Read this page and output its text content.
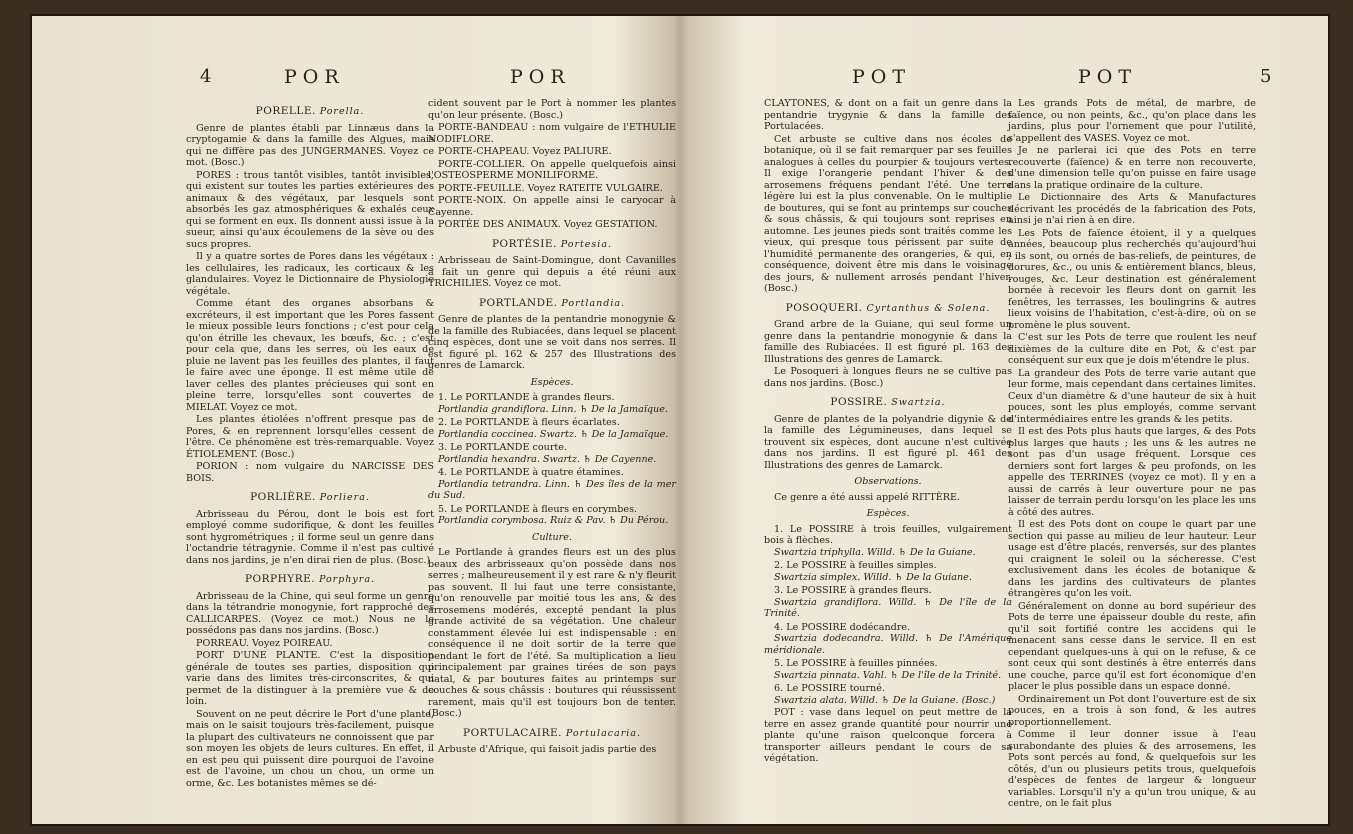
4	POR	POR
PORELLE. Porella.

Genre de plantes établi par Linnæus dans la cryptogamie & dans la famille des Algues, mais qui ne diffère pas des JUNGERMANES. Voyez ce mot. (Bosc.)

PORES : trous tantôt visibles, tantôt invisibles, qui existent sur toutes les parties extérieures des animaux & des végétaux, par lesquels sont absorbés les gaz atmosphériques & exhalés ceux qui se forment en eux. Ils donnent aussi issue à la sueur, ainsi qu'aux écoulemens de la sève ou des sucs propres.

Il y a quatre sortes de Pores dans les végétaux : les cellulaires, les radicaux, les corticaux & les glandulaires. Voyez le Dictionnaire de Physiologie végétale.

Comme étant des organes absorbans & excréteurs, il est important que les Pores fassent le mieux possible leurs fonctions ; c'est pour cela qu'on étrille les chevaux, les bœufs, &c. ; c'est pour cela que, dans les serres, où les eaux de pluie ne lavent pas les feuilles des plantes, il faut le faire avec une éponge. Il est même utile de laver celles des plantes précieuses qui sont en pleine terre, lorsqu'elles sont couvertes de MIELAT. Voyez ce mot.

Les plantes étiolées n'offrent presque pas de Pores, & en reprennent lorsqu'elles cessent de l'être. Ce phénomène est très-remarquable. Voyez ÉTIOLEMENT. (Bosc.)

PORION : nom vulgaire du NARCISSE DES BOIS.

PORLIÈRE. Porliera.

Arbrisseau du Pérou, dont le bois est fort employé comme sudorifique, & dont les feuilles sont hygrométriques ; il forme seul un genre dans l'octandrie tétragynie. Comme il n'est pas cultivé dans nos jardins, je n'en dirai rien de plus. (Bosc.)

PORPHYRE. Porphyra.

Arbrisseau de la Chine, qui seul forme un genre dans la tétrandrie monogynie, fort rapproché des CALLICARPES. (Voyez ce mot.) Nous ne le possédons pas dans nos jardins. (Bosc.)

PORREAU. Voyez POIREAU.

PORT D'UNE PLANTE. C'est la disposition générale de toutes ses parties, disposition qui varie dans des limites très-circonscrites, & qui permet de la distinguer à la première vue & de loin.

Souvent on ne peut décrire le Port d'une plante, mais on le saisit toujours très-facilement, puisque la plupart des cultivateurs ne connoissent que par son moyen les objets de leurs cultures. En effet, il en est peu qui puissent dire pourquoi de l'avoine est de l'avoine, un chou un chou, un orme un orme, &c. Les botanistes mêmes se dé-

cident souvent par le Port à nommer les plantes qu'on leur présente. (Bosc.)

PORTE-BANDEAU : nom vulgaire de l'ETHULIE NODIFLORE.

PORTE-CHAPEAU. Voyez PALIURE.

PORTE-COLLIER. On appelle quelquefois ainsi l'OSTEOSPERME MONILIFORME.

PORTE-FEUILLE. Voyez RATEITE VULGAIRE.

PORTE-NOIX. On appelle ainsi le caryocar à Cayenne.

PORTÉE DES ANIMAUX. Voyez GESTATION.

PORTÉSIE. Portesia.

Arbrisseau de Saint-Domingue, dont Cavanilles a fait un genre qui depuis a été réuni aux TRICHILIES. Voyez ce mot.

PORTLANDE. Portlandia.

Genre de plantes de la pentandrie monogynie & de la famille des Rubiacées, dans lequel se placent cinq espèces, dont une se voit dans nos serres. Il est figuré pl. 162 & 257 des Illustrations des genres de Lamarck.

Espèces.

1. Le PORTLANDE à grandes fleurs.

Portlandia grandiflora. Linn. ♄ De la Jamaïque.

2. Le PORTLANDE à fleurs écarlates.

Portlandia coccinea. Swartz. ♄ De la Jamaïque.

3. Le PORTLANDE courte.

Portlandia hexandra. Swartz. ♄ De Cayenne.

4. Le PORTLANDE à quatre étamines.

Portlandia tetrandra. Linn. ♄ Des îles de la mer du Sud.

5. Le PORTLANDE à fleurs en corymbes.

Portlandia corymbosa. Ruiz & Pav. ♄ Du Pérou.

Culture.

Le Portlande à grandes fleurs est un des plus beaux des arbrisseaux qu'on possède dans nos serres ; malheureusement il y est rare & n'y fleurit pas souvent. Il lui faut une terre consistante, qu'on renouvelle par moitié tous les ans, & des arrosemens modérés, excepté pendant la plus grande activité de sa végétation. Une chaleur constamment élevée lui est indispensable : en conséquence il ne doit sortir de la terre que pendant le fort de l'été. Sa multiplication a lieu principalement par graines tirées de son pays natal, & par boutures faites au printemps sur couches & sous châssis : boutures qui réussissent rarement, mais qu'il est toujours bon de tenter. (Bosc.)

PORTULACAIRE. Portulacaria.

Arbuste d'Afrique, qui faisoit jadis partie des

POT	POT	5

CLAYTONES, & dont on a fait un genre dans la pentandrie trygynie & dans la famille des Portulacées.

Cet arbuste se cultive dans nos écoles de botanique, où il se fait remarquer par ses feuilles analogues à celles du pourpier & toujours vertes. Il exige l'orangerie pendant l'hiver & des arrosemens fréquens pendant l'été. Une terre légère lui est la plus convenable. On le multiplie de boutures, qui se font au printemps sur couches & sous châssis, & qui toujours sont reprises en automne. Les jeunes pieds sont traités comme les vieux, qui presque tous périssent par suite de l'humidité permanente des orangeries, & qui, en conséquence, doivent être mis dans le voisinage des jours, & nullement arrosés pendant l'hiver. (Bosc.)

POSOQUERI. Cyrtanthus & Solena.

Grand arbre de la Guiane, qui seul forme un genre dans la pentandrie monogynie & dans la famille des Rubiacées. Il est figuré pl. 163 des Illustrations des genres de Lamarck.

Le Posoqueri à longues fleurs ne se cultive pas dans nos jardins. (Bosc.)

POSSIRE. Swartzia.

Genre de plantes de la polyandrie digynie & de la famille des Légumineuses, dans lequel se trouvent six espèces, dont aucune n'est cultivée dans nos jardins. Il est figuré pl. 461 des Illustrations des genres de Lamarck.

Observations.

Ce genre a été aussi appelé RITTÈRE.

Espèces.

1. Le POSSIRE à trois feuilles, vulgairement bois à flèches.

Swartzia triphylla. Willd. ♄ De la Guiane.

2. Le POSSIRE à feuilles simples.

Swartzia simplex. Willd. ♄ De la Guiane.

3. Le POSSIRE à grandes fleurs.

Swartzia grandiflora. Willd. ♄ De l'île de la Trinité.

4. Le POSSIRE dodécandre.

Swartzia dodecandra. Willd. ♄ De l'Amérique méridionale.

5. Le POSSIRE à feuilles pinnées.

Swartzia pinnata. Vahl. ♄ De l'île de la Trinité.

6. Le POSSIRE tourné.

Swartzia alata. Willd. ♄ De la Guiane. (Bosc.)

POT : vase dans lequel on peut mettre de la terre en assez grande quantité pour nourrir une plante qu'une raison quelconque forcera à transporter ailleurs pendant le cours de sa végétation.

Les grands Pots de métal, de marbre, de faïence, ou non peints, &c., qu'on place dans les jardins, plus pour l'ornement que pour l'utilité, s'appellent des VASES. Voyez ce mot.

Je ne parlerai ici que des Pots en terre recouverte (faïence) & en terre non recouverte, d'une dimension telle qu'on puisse en faire usage dans la pratique ordinaire de la culture.

Le Dictionnaire des Arts & Manufactures décrivant les procédés de la fabrication des Pots, ainsi je n'ai rien à en dire.

Les Pots de faïence étoient, il y a quelques années, beaucoup plus recherchés qu'aujourd'hui ; ils sont, ou ornés de bas-reliefs, de peintures, de dorures, &c., ou unis & entièrement blancs, bleus, rouges, &c. Leur destination est généralement bornée à recevoir les fleurs dont on garnit les fenêtres, les terrasses, les boulingrins & autres lieux voisins de l'habitation, c'est-à-dire, où on se promène le plus souvent.

C'est sur les Pots de terre que roulent les neuf dixièmes de la culture dite en Pot, & c'est par conséquent sur eux que je dois m'étendre le plus.

La grandeur des Pots de terre varie autant que leur forme, mais cependant dans certaines limites. Ceux d'un diamètre & d'une hauteur de six à huit pouces, sont les plus employés, comme servant d'intermédiaires entre les grands & les petits.

Il est des Pots plus hauts que larges, & des Pots plus larges que hauts ; les uns & les autres ne sont pas d'un usage fréquent. Lorsque ces derniers sont fort larges & peu profonds, on les appelle des TERRINES (voyez ce mot). Il y en a aussi de carrés à leur ouverture pour ne pas laisser de terrain perdu lorsqu'on les place les uns à côté des autres.

Il est des Pots dont on coupe le quart par une section qui passe au milieu de leur hauteur. Leur usage est d'être placés, renversés, sur des plantes qui craignent le soleil ou la sécheresse. C'est exclusivement dans les écoles de botanique & dans les jardins des cultivateurs de plantes étrangères qu'on les voit.

Généralement on donne au bord supérieur des Pots de terre une épaisseur double du reste, afin qu'il soit fortifié contre les accidens qui le menacent sans cesse dans le service. Il en est cependant quelques-uns à qui on le refuse, & ce sont ceux qui sont destinés à être enterrés dans une couche, parce qu'il est fort économique d'en placer le plus possible dans un espace donné.

Ordinairement un Pot dont l'ouverture est de six pouces, en a trois à son fond, & les autres proportionnellement.

Comme il leur donner issue à l'eau surabondante des pluies & des arrosemens, les Pots sont percés au fond, & quelquefois sur les côtés, d'un ou plusieurs petits trous, quelquefois d'espèces de fentes de largeur & longueur variables. Lorsqu'il n'y a qu'un trou unique, & au centre, on le fait plus
